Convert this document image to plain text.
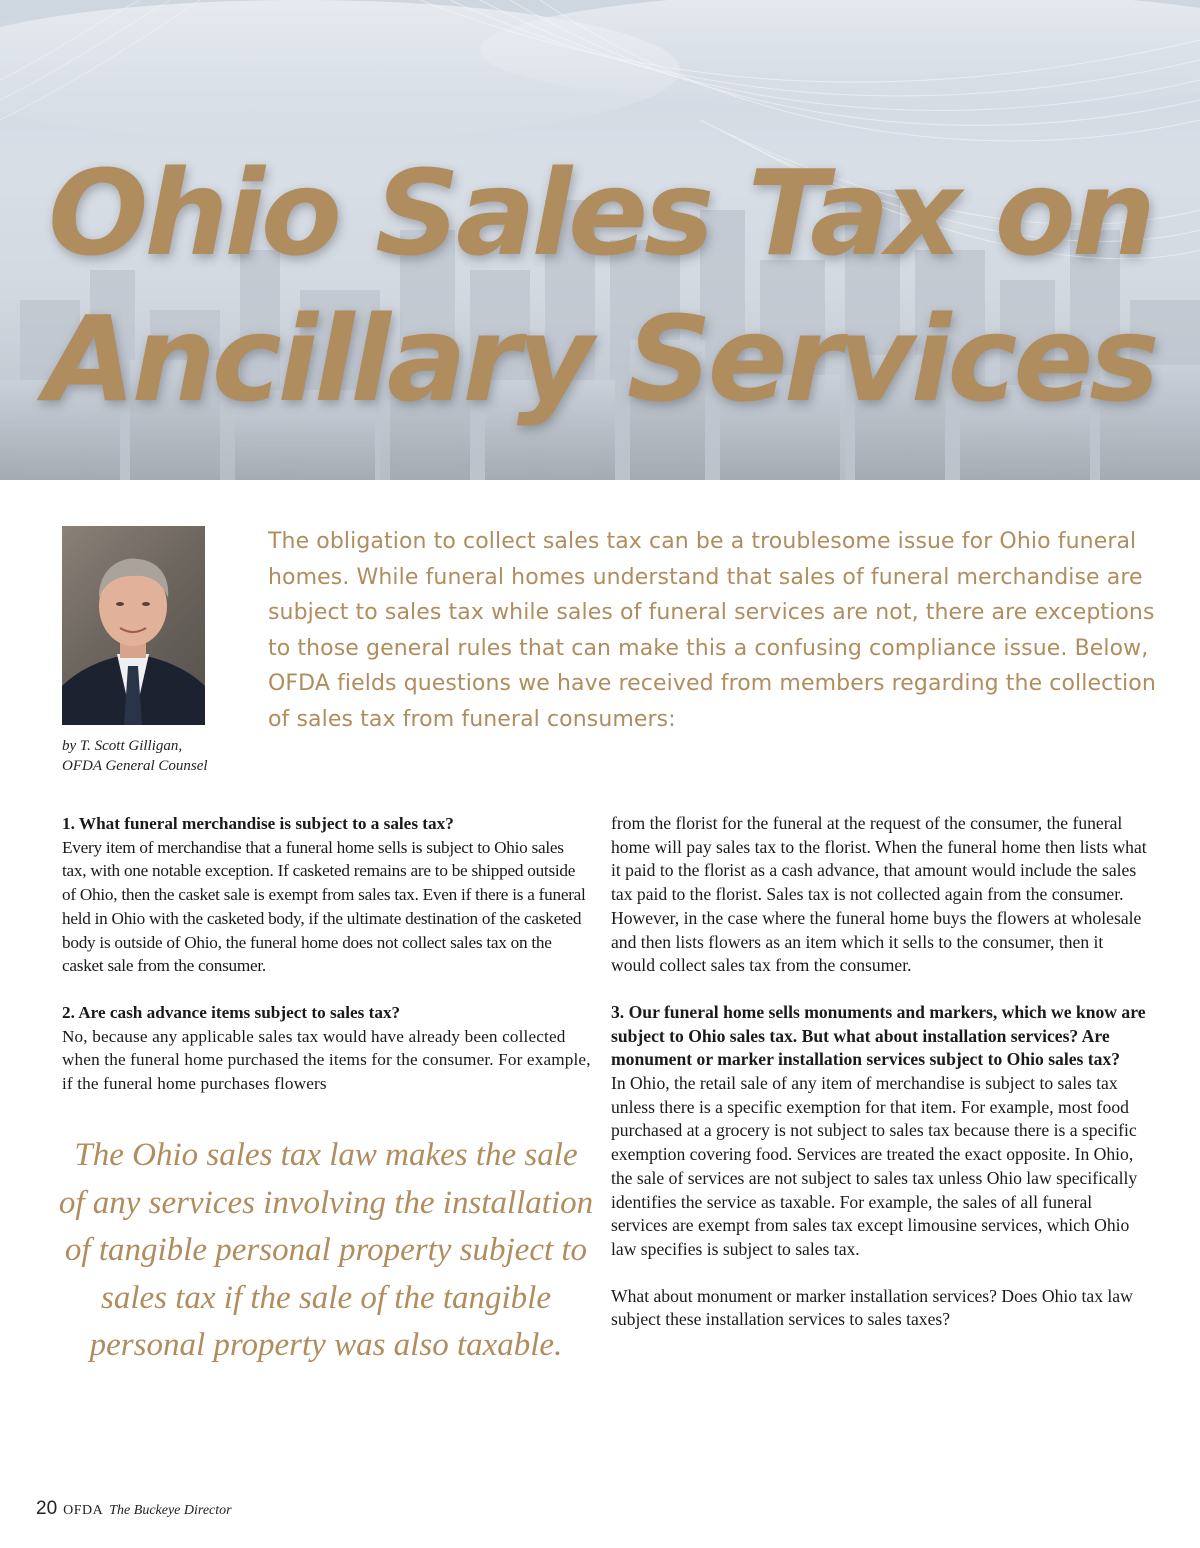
Ohio Sales Tax on
Ancillary Services
by T. Scott Gilligan,
OFDA General Counsel
The obligation to collect sales tax can be a troublesome issue for Ohio funeral homes. While funeral homes understand that sales of funeral merchandise are subject to sales tax while sales of funeral services are not, there are exceptions to those general rules that can make this a confusing compliance issue. Below, OFDA fields questions we have received from members regarding the collection of sales tax from funeral consumers:

1. What funeral merchandise is subject to a sales tax?

Every item of merchandise that a funeral home sells is subject to Ohio sales tax, with one notable exception. If casketed remains are to be shipped outside of Ohio, then the casket sale is exempt from sales tax. Even if there is a funeral held in Ohio with the casketed body, if the ultimate destination of the casketed body is outside of Ohio, the funeral home does not collect sales tax on the casket sale from the consumer.

2. Are cash advance items subject to sales tax?

No, because any applicable sales tax would have already been collected when the funeral home purchased the items for the consumer. For example, if the funeral home purchases flowers

The Ohio sales tax law makes the sale of any services involving the installation of tangible personal property subject to sales tax if the sale of the tangible personal property was also taxable.

from the florist for the funeral at the request of the consumer, the funeral home will pay sales tax to the florist. When the funeral home then lists what it paid to the florist as a cash advance, that amount would include the sales tax paid to the florist. Sales tax is not collected again from the consumer. However, in the case where the funeral home buys the flowers at wholesale and then lists flowers as an item which it sells to the consumer, then it would collect sales tax from the consumer.

3. Our funeral home sells monuments and markers, which we know are subject to Ohio sales tax. But what about installation services? Are monument or marker installation services subject to Ohio sales tax?

In Ohio, the retail sale of any item of merchandise is subject to sales tax unless there is a specific exemption for that item. For example, most food purchased at a grocery is not subject to sales tax because there is a specific exemption covering food. Services are treated the exact opposite. In Ohio, the sale of services are not subject to sales tax unless Ohio law specifically identifies the service as taxable. For example, the sales of all funeral services are exempt from sales tax except limousine services, which Ohio law specifies is subject to sales tax.

What about monument or marker installation services? Does Ohio tax law subject these installation services to sales taxes?

20 OFDA The Buckeye Director
